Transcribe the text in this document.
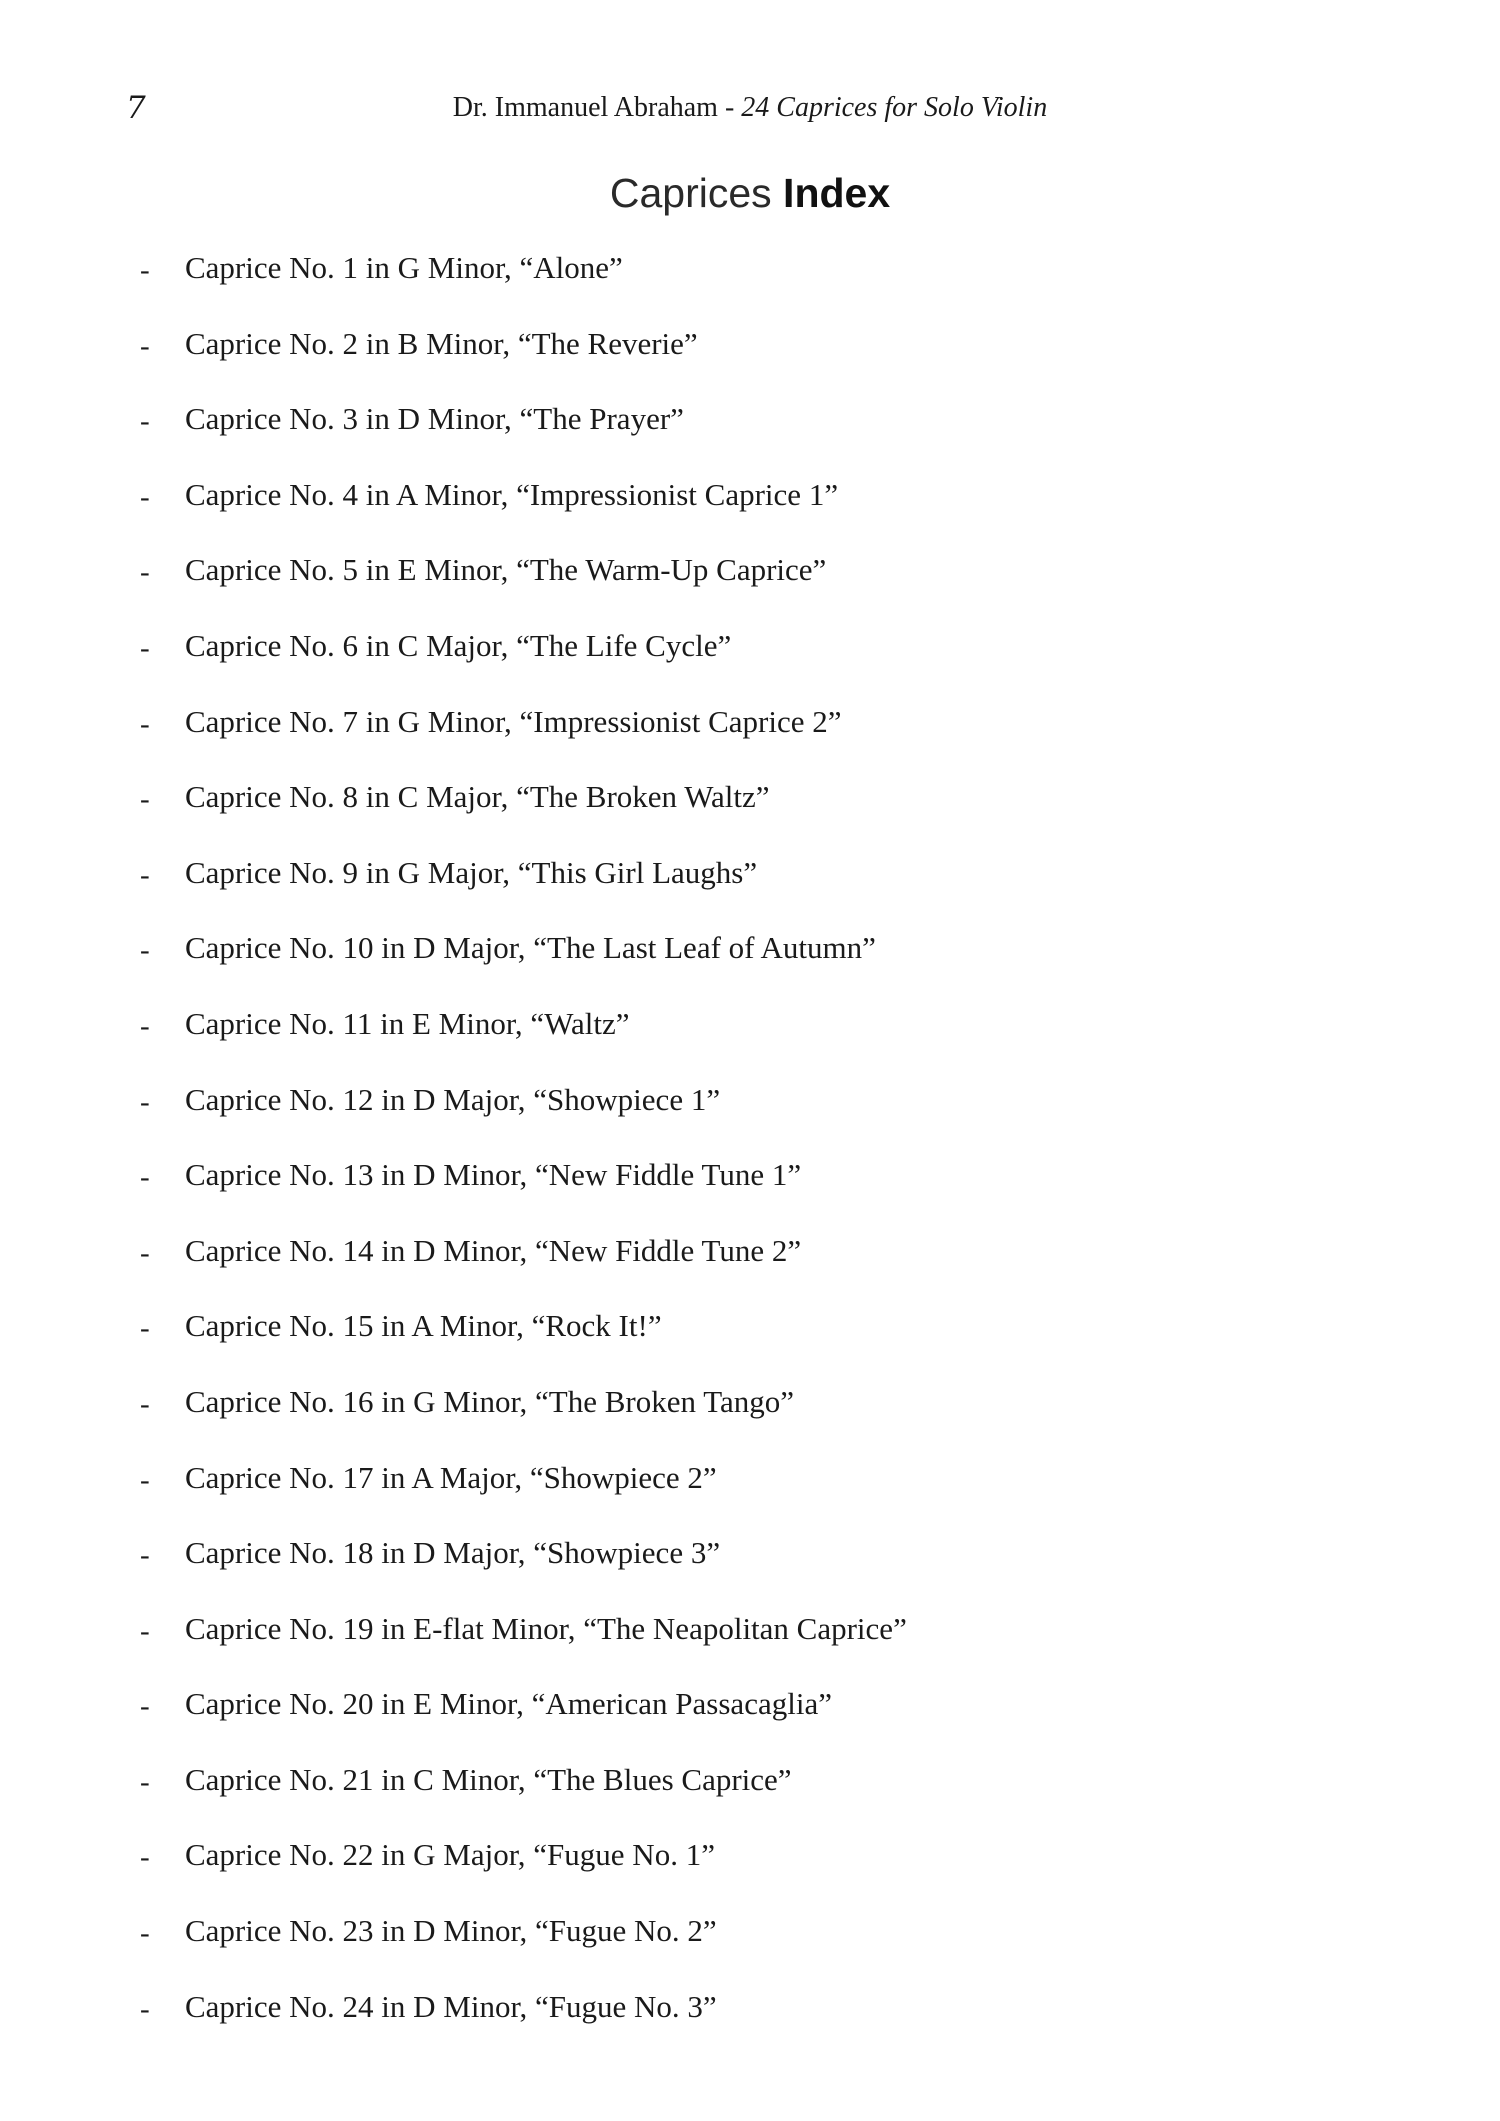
7	Dr. Immanuel Abraham - 24 Caprices for Solo Violin
Caprices Index
- Caprice No. 1 in G Minor, “Alone”
- Caprice No. 2 in B Minor, “The Reverie”
- Caprice No. 3 in D Minor, “The Prayer”
- Caprice No. 4 in A Minor, “Impressionist Caprice 1”
- Caprice No. 5 in E Minor, “The Warm-Up Caprice”
- Caprice No. 6 in C Major, “The Life Cycle”
- Caprice No. 7 in G Minor, “Impressionist Caprice 2”
- Caprice No. 8 in C Major, “The Broken Waltz”
- Caprice No. 9 in G Major, “This Girl Laughs”
- Caprice No. 10 in D Major, “The Last Leaf of Autumn”
- Caprice No. 11 in E Minor, “Waltz”
- Caprice No. 12 in D Major, “Showpiece 1”
- Caprice No. 13 in D Minor, “New Fiddle Tune 1”
- Caprice No. 14 in D Minor, “New Fiddle Tune 2”
- Caprice No. 15 in A Minor, “Rock It!”
- Caprice No. 16 in G Minor, “The Broken Tango”
- Caprice No. 17 in A Major, “Showpiece 2”
- Caprice No. 18 in D Major, “Showpiece 3”
- Caprice No. 19 in E-flat Minor, “The Neapolitan Caprice”
- Caprice No. 20 in E Minor, “American Passacaglia”
- Caprice No. 21 in C Minor, “The Blues Caprice”
- Caprice No. 22 in G Major, “Fugue No. 1”
- Caprice No. 23 in D Minor, “Fugue No. 2”
- Caprice No. 24 in D Minor, “Fugue No. 3”
